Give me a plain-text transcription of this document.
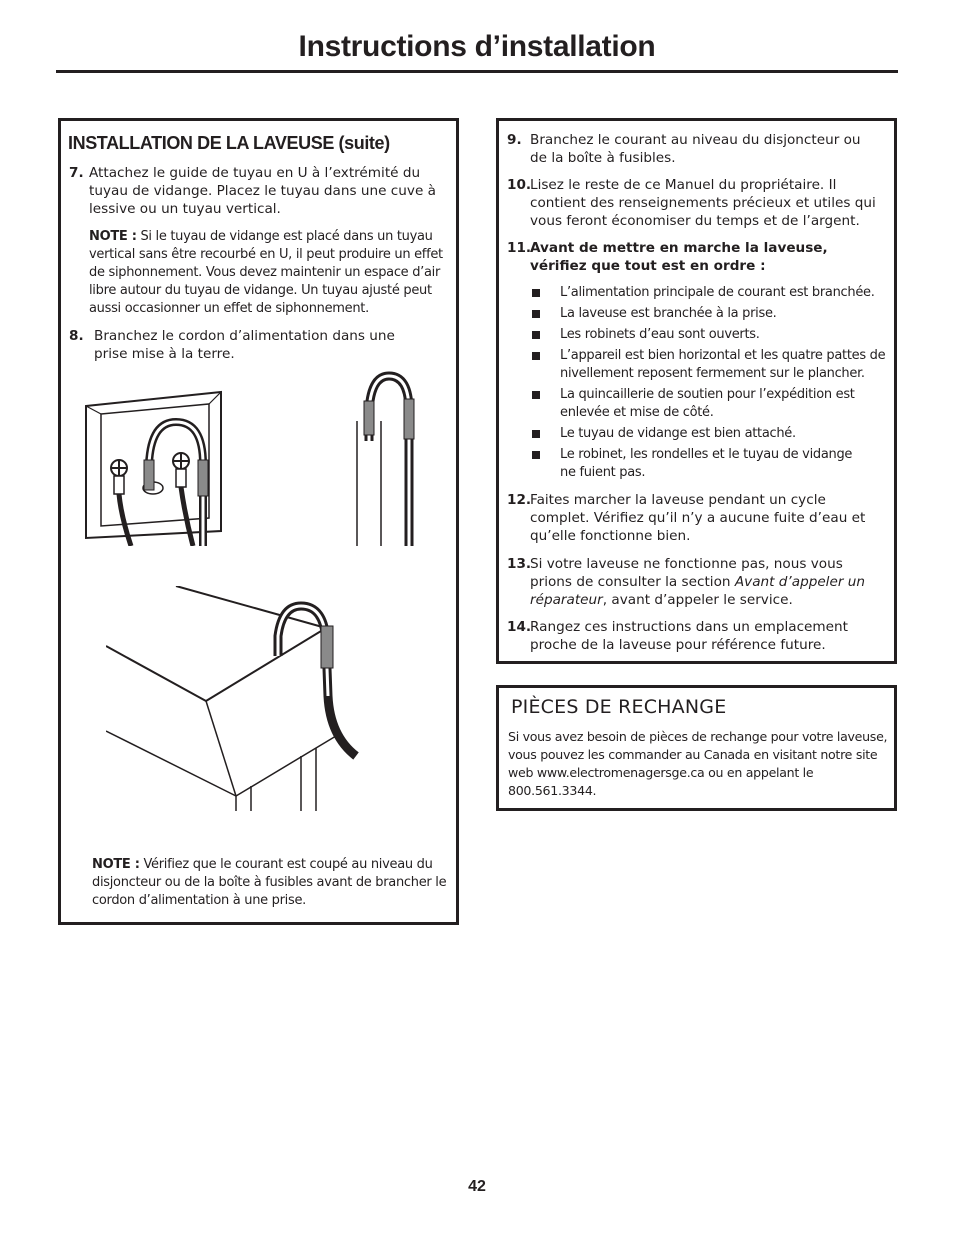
Instructions d’installation
INSTALLATION DE LA LAVEUSE (suite)
7. Attachez le guide de tuyau en U à l’extrémité du tuyau de vidange. Placez le tuyau dans une cuve à lessive ou un tuyau vertical.
NOTE : Si le tuyau de vidange est placé dans un tuyau vertical sans être recourbé en U, il peut produire un effet de siphonnement. Vous devez maintenir un espace d’air libre autour du tuyau de vidange. Un tuyau ajusté peut aussi occasionner un effet de siphonnement.
8. Branchez le cordon d’alimentation dans une prise mise à la terre.
NOTE : Vérifiez que le courant est coupé au niveau du disjoncteur ou de la boîte à fusibles avant de brancher le cordon d’alimentation à une prise.
9. Branchez le courant au niveau du disjoncteur ou de la boîte à fusibles.
10.
Lisez le reste de ce Manuel du propriétaire. Il contient des renseignements précieux et utiles qui vous feront économiser du temps et de l’argent.
11.
Avant de mettre en marche la laveuse, vérifiez que tout est en ordre :
L’alimentation principale de courant est branchée.
La laveuse est branchée à la prise.
Les robinets d’eau sont ouverts.
L’appareil est bien horizontal et les quatre pattes de nivellement reposent fermement sur le plancher.
La quincaillerie de soutien pour l’expédition est enlevée et mise de côté.
Le tuyau de vidange est bien attaché.
Le robinet, les rondelles et le tuyau de vidange ne fuient pas.
12.
Faites marcher la laveuse pendant un cycle complet. Vérifiez qu’il n’y a aucune fuite d’eau et qu’elle fonctionne bien.
13.
Si votre laveuse ne fonctionne pas, nous vous prions de consulter la section Avant d’appeler un réparateur, avant d’appeler le service.
14.
Rangez ces instructions dans un emplacement proche de la laveuse pour référence future.
PIÈCES DE RECHANGE
Si vous avez besoin de pièces de rechange pour votre laveuse, vous pouvez les commander au Canada en visitant notre site web www.electromenagersge.ca ou en appelant le 800.561.3344.
42
